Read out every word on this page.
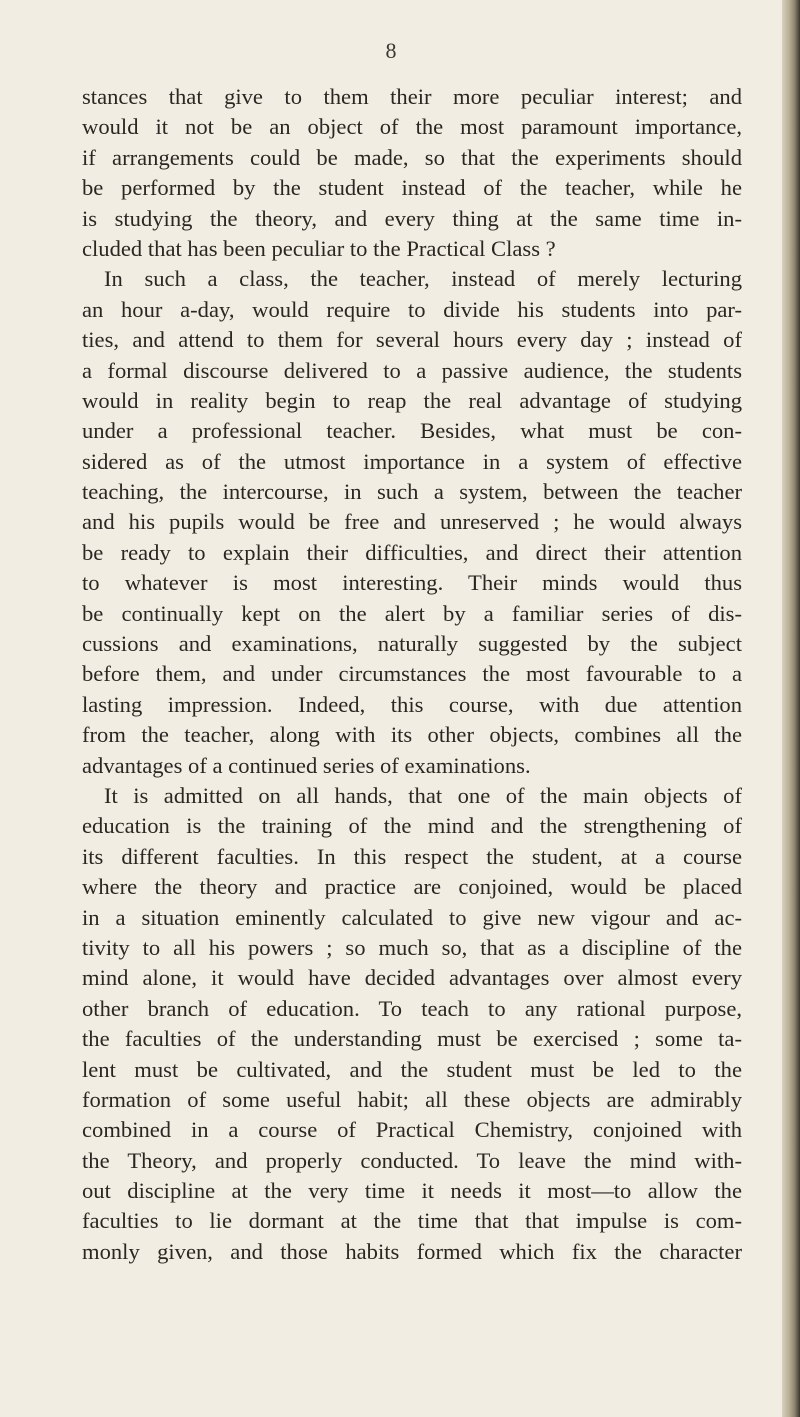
8
stances that give to them their more peculiar interest; and
would it not be an object of the most paramount importance,
if arrangements could be made, so that the experiments should
be performed by the student instead of the teacher, while he
is studying the theory, and every thing at the same time in-
cluded that has been peculiar to the Practical Class ?
In such a class, the teacher, instead of merely lecturing
an hour a-day, would require to divide his students into par-
ties, and attend to them for several hours every day ; instead of
a formal discourse delivered to a passive audience, the students
would in reality begin to reap the real advantage of studying
under a professional teacher. Besides, what must be con-
sidered as of the utmost importance in a system of effective
teaching, the intercourse, in such a system, between the teacher
and his pupils would be free and unreserved ; he would always
be ready to explain their difficulties, and direct their attention
to whatever is most interesting. Their minds would thus
be continually kept on the alert by a familiar series of dis-
cussions and examinations, naturally suggested by the subject
before them, and under circumstances the most favourable to a
lasting impression. Indeed, this course, with due attention
from the teacher, along with its other objects, combines all the
advantages of a continued series of examinations.
It is admitted on all hands, that one of the main objects of
education is the training of the mind and the strengthening of
its different faculties. In this respect the student, at a course
where the theory and practice are conjoined, would be placed
in a situation eminently calculated to give new vigour and ac-
tivity to all his powers ; so much so, that as a discipline of the
mind alone, it would have decided advantages over almost every
other branch of education. To teach to any rational purpose,
the faculties of the understanding must be exercised ; some ta-
lent must be cultivated, and the student must be led to the
formation of some useful habit; all these objects are admirably
combined in a course of Practical Chemistry, conjoined with
the Theory, and properly conducted. To leave the mind with-
out discipline at the very time it needs it most—to allow the
faculties to lie dormant at the time that that impulse is com-
monly given, and those habits formed which fix the character
